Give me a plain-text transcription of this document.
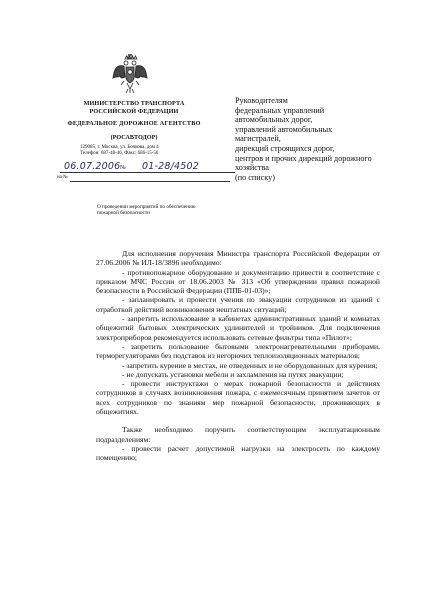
МИНИСТЕРСТВО ТРАНСПОРТА
РОССИЙСКОЙ ФЕДЕРАЦИИ
ФЕДЕРАЛЬНОЕ ДОРОЖНОЕ АГЕНТСТВО
(РОСАВТОДОР)
129085, г. Москва, ул. Бочкова, дом 4
Телефон: 687-48-46, Факс: 686-15-50
06.07.2006 № 01-28/4502
на №
О проведении мероприятий по обеспечению
пожарной безопасности
Руководителям
федеральных управлений
автомобильных дорог,
управлений автомобильных
магистралей,
дирекций строящихся дорог,
центров и прочих дирекций дорожного
хозяйства
(по списку)

Для исполнения поручения Министра транспорта Российской Федерации от 27.06.2006 № ИЛ-18/3896 необходимо:

- противопожарное оборудование и документацию привести в соответствие с приказом МЧС России от 18.06.2003 № 313 «Об утверждении правил пожарной безопасности в Российской Федерации (ППБ-01-03)»;

- запланировать и провести учения по эвакуации сотрудников из зданий с отработкой действий возникновения нештатных ситуаций;

- запретить использование в кабинетах административных зданий и комнатах общежитий бытовых электрических удлинителей и тройников. Для подключения электроприборов рекомендуется использовать сетевые фильтры типа «Пилот»;

- запретить пользование бытовыми электронагревательными приборами, терморегуляторами без подставок из негорючих теплоизоляционных материалов;

- запретить курение в местах, не отведенных и не оборудованных для курения;

- не допускать установки мебели и захламления на путях эвакуации;

- провести инструктажи о мерах пожарной безопасности и действиях сотрудников в случаях возникновения пожара, с ежемесячным принятием зачетов от всех сотрудников по знаниям мер пожарной безопасности, проживающих в общежитиях.

Также необходимо поручить соответствующим эксплуатационным подразделениям:

- провести расчет допустимой нагрузки на электросеть по каждому помещению;
